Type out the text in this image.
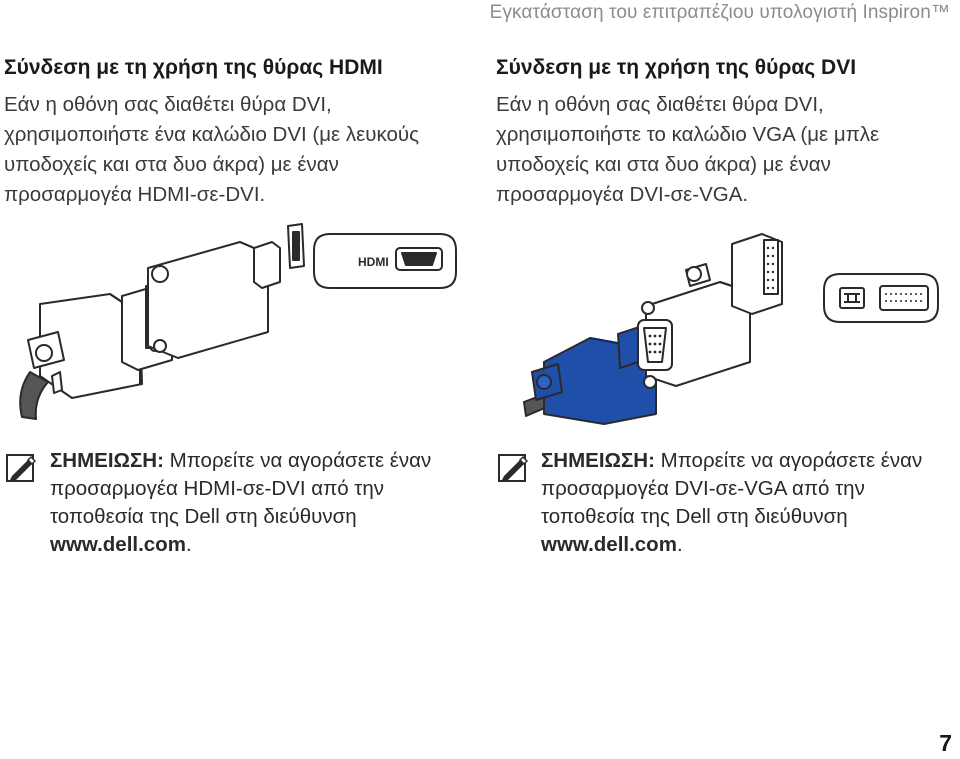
Εγκατάσταση του επιτραπέζιου υπολογιστή Inspiron™
Σύνδεση με τη χρήση της θύρας HDMI

Εάν η οθόνη σας διαθέτει θύρα DVI, χρησιμοποιήστε ένα καλώδιο DVI (με λευκούς υποδοχείς και στα δυο άκρα) με έναν προσαρμογέα HDMI-σε-DVI.

Σύνδεση με τη χρήση της θύρας DVI

Εάν η οθόνη σας διαθέτει θύρα DVI, χρησιμοποιήστε το καλώδιο VGA (με μπλε υποδοχείς και στα δυο άκρα) με έναν προσαρμογέα DVI-σε-VGA.

HDMI
ΣΗΜΕΙΩΣΗ: Μπορείτε να αγοράσετε έναν προσαρμογέα HDMI-σε-DVI από την τοποθεσία της Dell στη διεύθυνση www.dell.com.
ΣΗΜΕΙΩΣΗ: Μπορείτε να αγοράσετε έναν προσαρμογέα DVI-σε-VGA από την τοποθεσία της Dell στη διεύθυνση www.dell.com.
7
